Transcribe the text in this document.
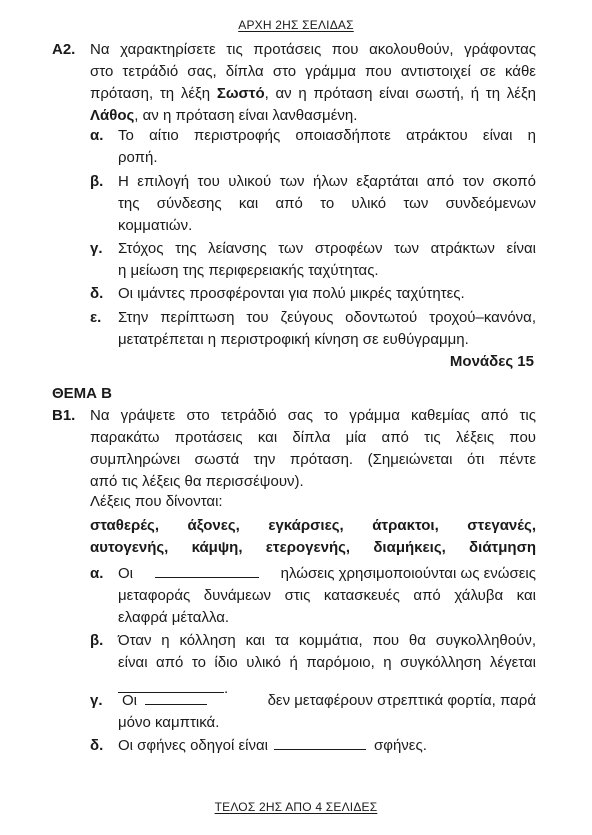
ΑΡΧΗ 2ΗΣ ΣΕΛΙΔΑΣ
Α2. Να χαρακτηρίσετε τις προτάσεις που ακολουθούν, γράφοντας
στο τετράδιό σας, δίπλα στο γράμμα που αντιστοιχεί σε κάθε
πρόταση, τη λέξη Σωστό, αν η πρόταση είναι σωστή, ή τη λέξη
Λάθος, αν η πρόταση είναι λανθασμένη.
α. Το αίτιο περιστροφής οποιασδήποτε ατράκτου είναι η
ροπή.
β. Η επιλογή του υλικού των ήλων εξαρτάται από τον σκοπό
της σύνδεσης και από το υλικό των συνδεόμενων
κομματιών.
γ. Στόχος της λείανσης των στροφέων των ατράκτων είναι
η μείωση της περιφερειακής ταχύτητας.
δ. Οι ιμάντες προσφέρονται για πολύ μικρές ταχύτητες.
ε. Στην περίπτωση του ζεύγους οδοντωτού τροχού–κανόνα,
μετατρέπεται η περιστροφική κίνηση σε ευθύγραμμη.
Μονάδες 15
ΘΕΜΑ Β
Β1. Να γράψετε στο τετράδιό σας το γράμμα καθεμίας από τις
παρακάτω προτάσεις και δίπλα μία από τις λέξεις που
συμπληρώνει σωστά την πρόταση. (Σημειώνεται ότι πέντε
από τις λέξεις θα περισσέψουν).
Λέξεις που δίνονται:
σταθερές, άξονες, εγκάρσιες, άτρακτοι, στεγανές,
αυτογενής, κάμψη, ετερογενής, διαμήκεις, διάτμηση
α. Οι	ηλώσεις χρησιμοποιούνται ως ενώσεις
μεταφοράς δυνάμεων στις κατασκευές από χάλυβα και
ελαφρά μέταλλα.
β. Όταν η κόλληση και τα κομμάτια, που θα συγκολληθούν,
είναι από το ίδιο υλικό ή παρόμοιο, η συγκόλληση λέγεται
.
γ. Οι	δεν μεταφέρουν στρεπτικά φορτία, παρά
μόνο καμπτικά.
δ. Οι σφήνες οδηγοί είναι	σφήνες.
ΤΕΛΟΣ 2ΗΣ ΑΠΟ 4 ΣΕΛΙΔΕΣ
